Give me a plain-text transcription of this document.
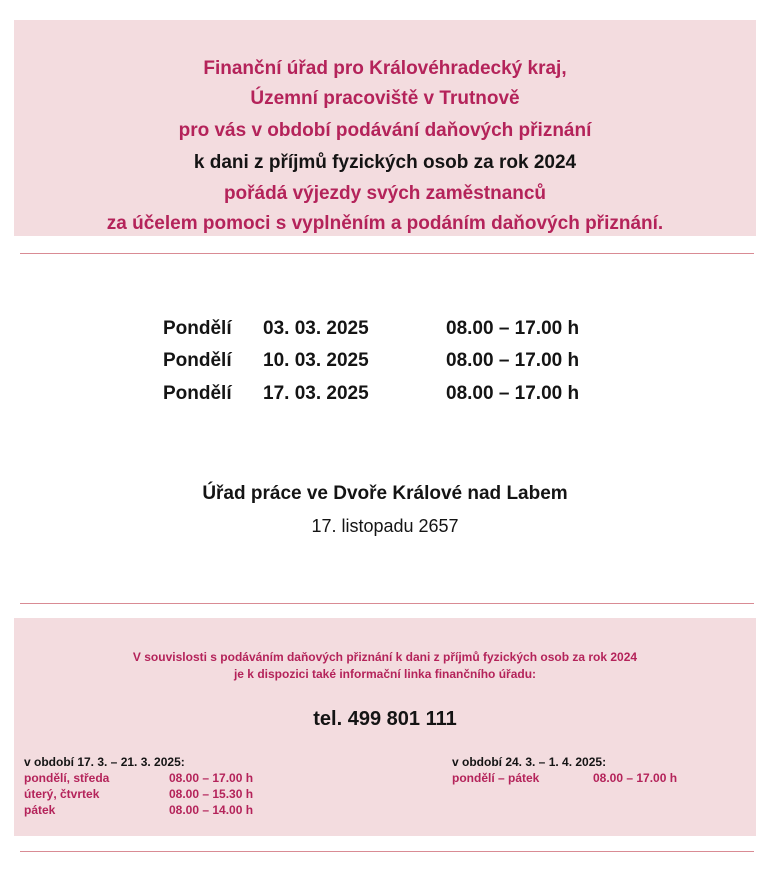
Finanční úřad pro Královéhradecký kraj,
Územní pracoviště v Trutnově
pro vás v období podávání daňových přiznání
k dani z příjmů fyzických osob za rok 2024
pořádá výjezdy svých zaměstnanců
za účelem pomoci s vyplněním a podáním daňových přiznání.
Pondělí 03. 03. 2025	08.00 – 17.00 h
Pondělí 10. 03. 2025	08.00 – 17.00 h
Pondělí 17. 03. 2025	08.00 – 17.00 h
Úřad práce ve Dvoře Králové nad Labem
17. listopadu 2657
V souvislosti s podáváním daňových přiznání k dani z příjmů fyzických osob za rok 2024
je k dispozici také informační linka finančního úřadu:
tel. 499 801 111
v období 17. 3. – 21. 3. 2025:
pondělí, středa	08.00 – 17.00 h
úterý, čtvrtek	08.00 – 15.30 h
pátek	08.00 – 14.00 h
v období 24. 3. – 1. 4. 2025:
pondělí – pátek	08.00 – 17.00 h
